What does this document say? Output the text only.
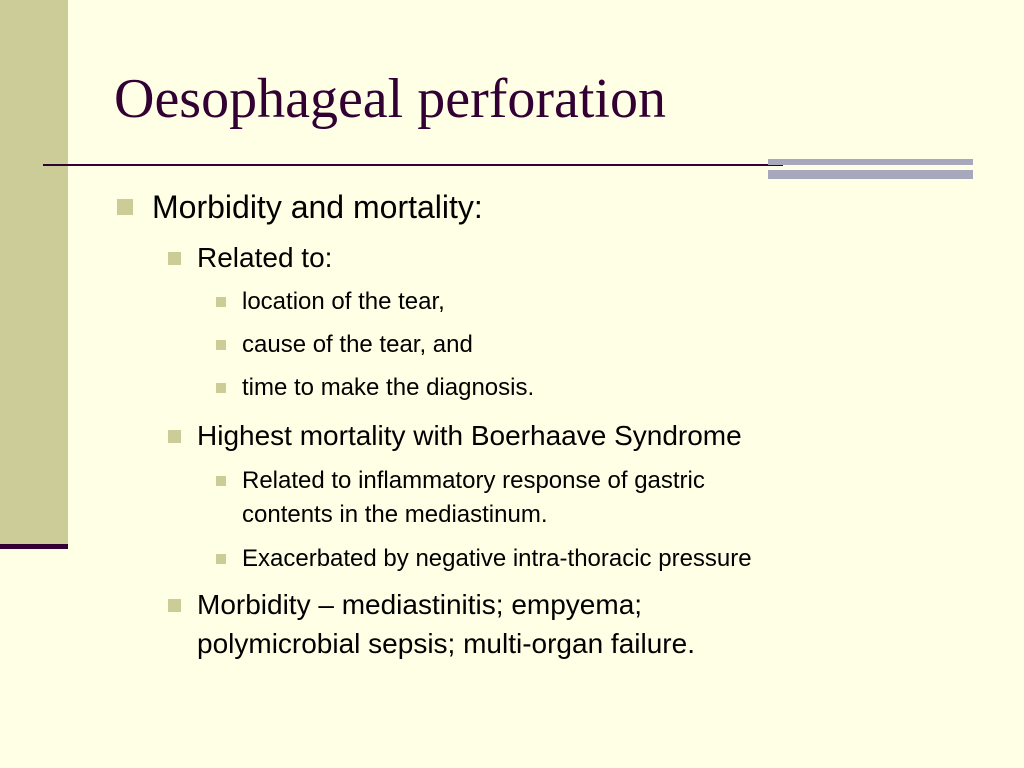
Oesophageal perforation
Morbidity and mortality:
Related to:
location of the tear,
cause of the tear, and
time to make the diagnosis.
Highest mortality with Boerhaave Syndrome
Related to inflammatory response of gastric
contents in the mediastinum.
Exacerbated by negative intra-thoracic pressure
Morbidity – mediastinitis; empyema;
polymicrobial sepsis; multi-organ failure.
